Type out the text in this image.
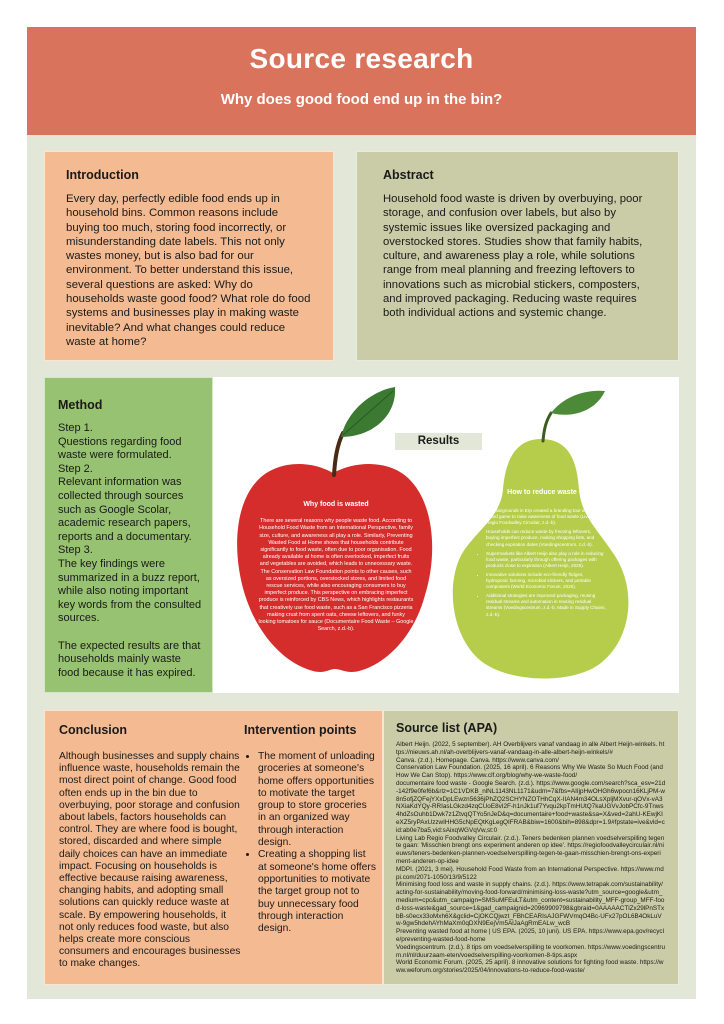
Source research
Why does good food end up in the bin?
Introduction

Every day, perfectly edible food ends up in household bins. Common reasons include buying too much, storing food incorrectly, or misunderstanding date labels. This not only wastes money, but is also bad for our environment. To better understand this issue, several questions are asked: Why do households waste good food? What role do food systems and businesses play in making waste inevitable? And what changes could reduce waste at home?

Abstract

Household food waste is driven by overbuying, poor storage, and confusion over labels, but also by systemic issues like oversized packaging and overstocked stores. Studies show that family habits, culture, and awareness play a role, while solutions range from meal planning and freezing leftovers to innovations such as microbial stickers, composters, and improved packaging. Reducing waste requires both individual actions and systemic change.

Method

Step 1.
Questions regarding food waste were formulated.
Step 2.
Relevant information was collected through sources such as Google Scolar, academic research papers, reports and a documentary.
Step 3.
The key findings were summarized in a buzz report, while also noting important key words from the consulted sources.

The expected results are that households mainly waste food because it has expired.

Results
Why food is wasted
There are several reasons why people waste food. According to Household Food Waste from an International Perspective, family size, culture, and awareness all play a role. Similarly, Preventing Wasted Food at Home shows that households contribute significantly to food waste, often due to poor organisation. Food already available at home is often overlooked, imperfect fruits and vegetables are avoided, which leads to unnecessary waste. The Conservation Law Foundation points to other causes, such as oversized portions, overstocked stores, and limited food rescue services, while also encouraging consumers to buy imperfect produce. This perspective on embracing imperfect produce is reinforced by CBS News, which highlights restaurants that creatively use food waste, such as a San Francisco pizzeria making crust from spent oats, cheese leftovers, and funky looking tomatoes for sauce (Documentaire Food Waste – Google Search, z.d.-b).
How to reduce waste
• Two fairgrounds in Erp created a branding tour and a board game to raise awareness of food waste (Living Lab Regio Foodvalley Circulair, z.d.-b).
• Households can reduce waste by freezing leftovers, buying imperfect produce, making shopping lists, and checking expiration dates (Voedingscentrum, z.d.-b).
• Supermarkets like Albert Heijn also play a role in reducing food waste, particularly through offering packages with products close to expiration (Albert Heijn, 2025).
• Innovative solutions include eco-friendly fridges, hydroponic farming, microbial stickers, and portable composters (World Economic Forum, 2025).
• Additional strategies are improved packaging, reusing residual streams and automation in reusing residual streams (Voedingscentrum, z.d.-b, Made in Supply Chains, z.d.-b).
Conclusion

Although businesses and supply chains influence waste, households remain the most direct point of change. Good food often ends up in the bin due to overbuying, poor storage and confusion about labels, factors households can control. They are where food is bought, stored, discarded and where simple daily choices can have an immediate impact. Focusing on households is effective because raising awareness, changing habits, and adopting small solutions can quickly reduce waste at scale. By empowering households, it not only reduces food waste, but also helps create more conscious consumers and encourages businesses to make changes.

Intervention points
• The moment of unloading groceries at someone's home offers opportunities to motivate the target group to store groceries in an organized way through interaction design.
• Creating a shopping list at someone's home offers opportunities to motivate the target group not to buy unnecessary food through interaction design.
Source list (APA)
Albert Heijn. (2022, 5 september). AH Overblijvers vanaf vandaag in alle Albert Heijn-winkels. https://nieuws.ah.nl/ah-overblijvers-vanaf-vandaag-in-alle-albert-heijn-winkels/#
Canva. (z.d.). Homepage. Canva. https://www.canva.com/
Conservation Law Foundation. (2025, 16 april). 6 Reasons Why We Waste So Much Food (and How We Can Stop). https://www.clf.org/blog/why-we-waste-food/
documentaire food waste - Google Search. (z.d.). https://www.google.com/search?sca_esv=21d-142f9e0fef6b&rlz=1C1VDKB_nlNL1143NL1171&udm=7&fbs=AIIjpHwOHGh6wpocn16KLjPM-w8n5ofjZQFejYXxDpLEwzn5636jPhZQ2SCHYNZOTHhCqX-IIAN4m34OLsXpljMXvur-qOVx-vA3NXiaKdYQy-RRIasLGkzd4zqCUoE8vI2F-h1nJk1uf7Yvqu2kpTmHUtQ7kaUGVvJobPCfc-9Tnws4hdZsOuhb1Dwk7z1ZtvqQTYo5nJeD&q=documentaire+food+waste&sa=X&ved=2ahU-KEwjKIeXZ5ryPAxUzzwIHHG5cNpEQtKgLegQIFRAB&biw=1600&bih=898&dpr=1.9#fpstate=ive&vld=cid:ab0e7ba5,vid:sAixqWGVqVw,st:0
Living Lab Regio Foodvalley Circulair. (z.d.). Teners bedenken plannen voedselverspilling tegen te gaan: 'Misschien brengt ons experiment anderen op idee'. https://regiofoodvalleycirculair.nl/nieuws/teners-bedenken-plannen-voedselverspilling-tegen-te-gaan-misschien-brengt-ons-experiment-anderen-op-idee
MDPI. (2021, 3 mei). Household Food Waste from an International Perspective. https://www.mdpi.com/2071-1050/13/9/5122
Minimising food loss and waste in supply chains. (z.d.). https://www.tetrapak.com/sustainability/acting-for-sustainability/moving-food-forward/minimising-loss-waste?utm_source=google&utm_medium=cpc&utm_campaign=SMSuMFEuLT&utm_content=sustainability_MFF-group_MFF-food-loss-waste&gad_source=1&gad_campaignid=20969909798&gbraid=0AAAAACTlZx29lPnSTxbB-s0ecx33oMxh6X&gclid=CjOKCQjwzt_FBhCEARIsAJGFWVmqO4Bc-UFx27pOL6B4OkLuVw-9gw5hdehAYhMaXm0qDXN9EejVm5AlJaAgRmEALw_wcB
Preventing wasted food at home | US EPA. (2025, 10 juni). US EPA. https://www.epa.gov/recycle/preventing-wasted-food-home
Voedingscentrum. (z.d.). 8 tips om voedselverspilling te voorkomen. https://www.voedingscentrum.nl/nl/duurzaam-eten/voedselverspilling-voorkomen-8-tips.aspx
World Economic Forum. (2025, 25 april). 8 innovative solutions for fighting food waste. https://www.weforum.org/stories/2025/04/innovations-to-reduce-food-waste/
